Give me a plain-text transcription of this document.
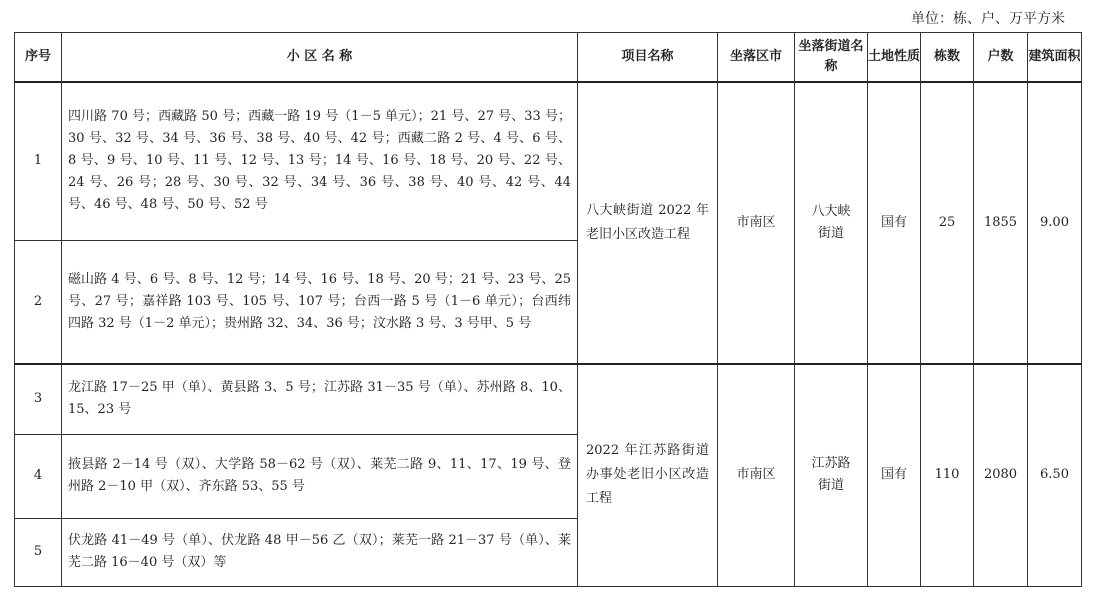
单位：栋、户、万平方米
序号	小 区 名 称	项目名称	坐落区市	坐落街道名　称	土地性质	栋数	户数	建筑面积
1	四川路 70 号；西藏路 50 号；西藏一路 19 号（1－5 单元）；21 号、27 号、33 号；30 号、32 号、34 号、36 号、38 号、40 号、42 号；西藏二路 2 号、4 号、6 号、8 号、9 号、10 号、11 号、12 号、13 号；14 号、16 号、18 号、20 号、22 号、24 号、26 号；28 号、30 号、32 号、34 号、36 号、38 号、40 号、42 号、44 号、46 号、48 号、50 号、52 号	八大峡街道 2022 年老旧小区改造工程	市南区	八大峡街道	国有	25	1855	9.00
2	磁山路 4 号、6 号、8 号、12 号；14 号、16 号、18 号、20 号；21 号、23 号、25 号、27 号；嘉祥路 103 号、105 号、107 号；台西一路 5 号（1－6 单元）；台西纬四路 32 号（1－2 单元）；贵州路 32、34、36 号；汶水路 3 号、3 号甲、5 号							
3	龙江路 17－25 甲（单）、黄县路 3、5 号；江苏路 31－35 号（单）、苏州路 8、10、15、23 号	2022 年江苏路街道办事处老旧小区改造工程	市南区	江苏路街道	国有	110	2080	6.50
4	掖县路 2－14 号（双）、大学路 58－62 号（双）、莱芜二路 9、11、17、19 号、登州路 2－10 甲（双）、齐东路 53、55 号							
5	伏龙路 41－49 号（单）、伏龙路 48 甲－56 乙（双）；莱芜一路 21－37 号（单）、莱芜二路 16－40 号（双）等							
